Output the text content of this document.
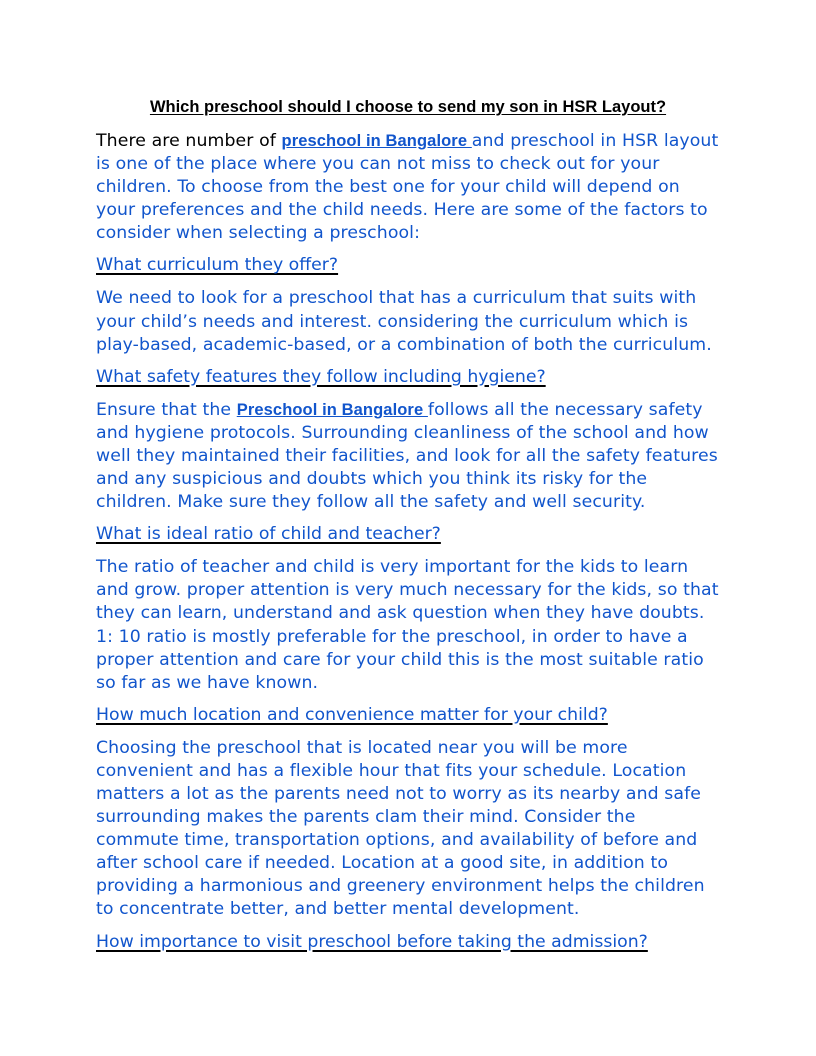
Which preschool should I choose to send my son in HSR Layout?

There are number of preschool in Bangalore and preschool in HSR layout is one of the place where you can not miss to check out for your children. To choose from the best one for your child will depend on your preferences and the child needs. Here are some of the factors to consider when selecting a preschool:

What curriculum they offer?

We need to look for a preschool that has a curriculum that suits with your child’s needs and interest. considering the curriculum which is play-based, academic-based, or a combination of both the curriculum.

What safety features they follow including hygiene?

Ensure that the Preschool in Bangalore follows all the necessary safety and hygiene protocols. Surrounding cleanliness of the school and how well they maintained their facilities, and look for all the safety features and any suspicious and doubts which you think its risky for the children. Make sure they follow all the safety and well security.

What is ideal ratio of child and teacher?

The ratio of teacher and child is very important for the kids to learn and grow. proper attention is very much necessary for the kids, so that they can learn, understand and ask question when they have doubts. 1: 10 ratio is mostly preferable for the preschool, in order to have a proper attention and care for your child this is the most suitable ratio so far as we have known.

How much location and convenience matter for your child?

Choosing the preschool that is located near you will be more convenient and has a flexible hour that fits your schedule. Location matters a lot as the parents need not to worry as its nearby and safe surrounding makes the parents clam their mind. Consider the commute time, transportation options, and availability of before and after school care if needed. Location at a good site, in addition to providing a harmonious and greenery environment helps the children to concentrate better, and better mental development.

How importance to visit preschool before taking the admission?
